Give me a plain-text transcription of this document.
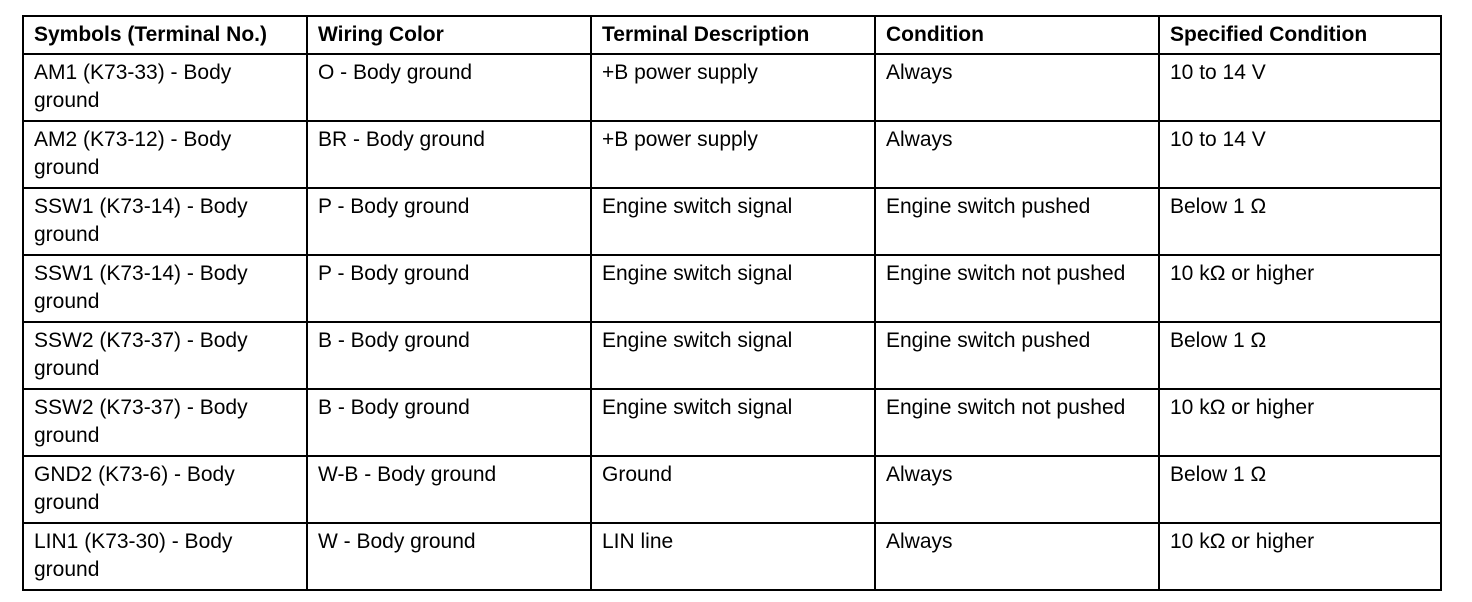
Symbols (Terminal No.)	Wiring Color	Terminal Description	Condition	Specified Condition
AM1 (K73-33) - Body ground	O - Body ground	+B power supply	Always	10 to 14 V
AM2 (K73-12) - Body ground	BR - Body ground	+B power supply	Always	10 to 14 V
SSW1 (K73-14) - Body ground	P - Body ground	Engine switch signal	Engine switch pushed	Below 1 Ω
SSW1 (K73-14) - Body ground	P - Body ground	Engine switch signal	Engine switch not pushed	10 kΩ or higher
SSW2 (K73-37) - Body ground	B - Body ground	Engine switch signal	Engine switch pushed	Below 1 Ω
SSW2 (K73-37) - Body ground	B - Body ground	Engine switch signal	Engine switch not pushed	10 kΩ or higher
GND2 (K73-6) - Body ground	W-B - Body ground	Ground	Always	Below 1 Ω
LIN1 (K73-30) - Body ground	W - Body ground	LIN line	Always	10 kΩ or higher
